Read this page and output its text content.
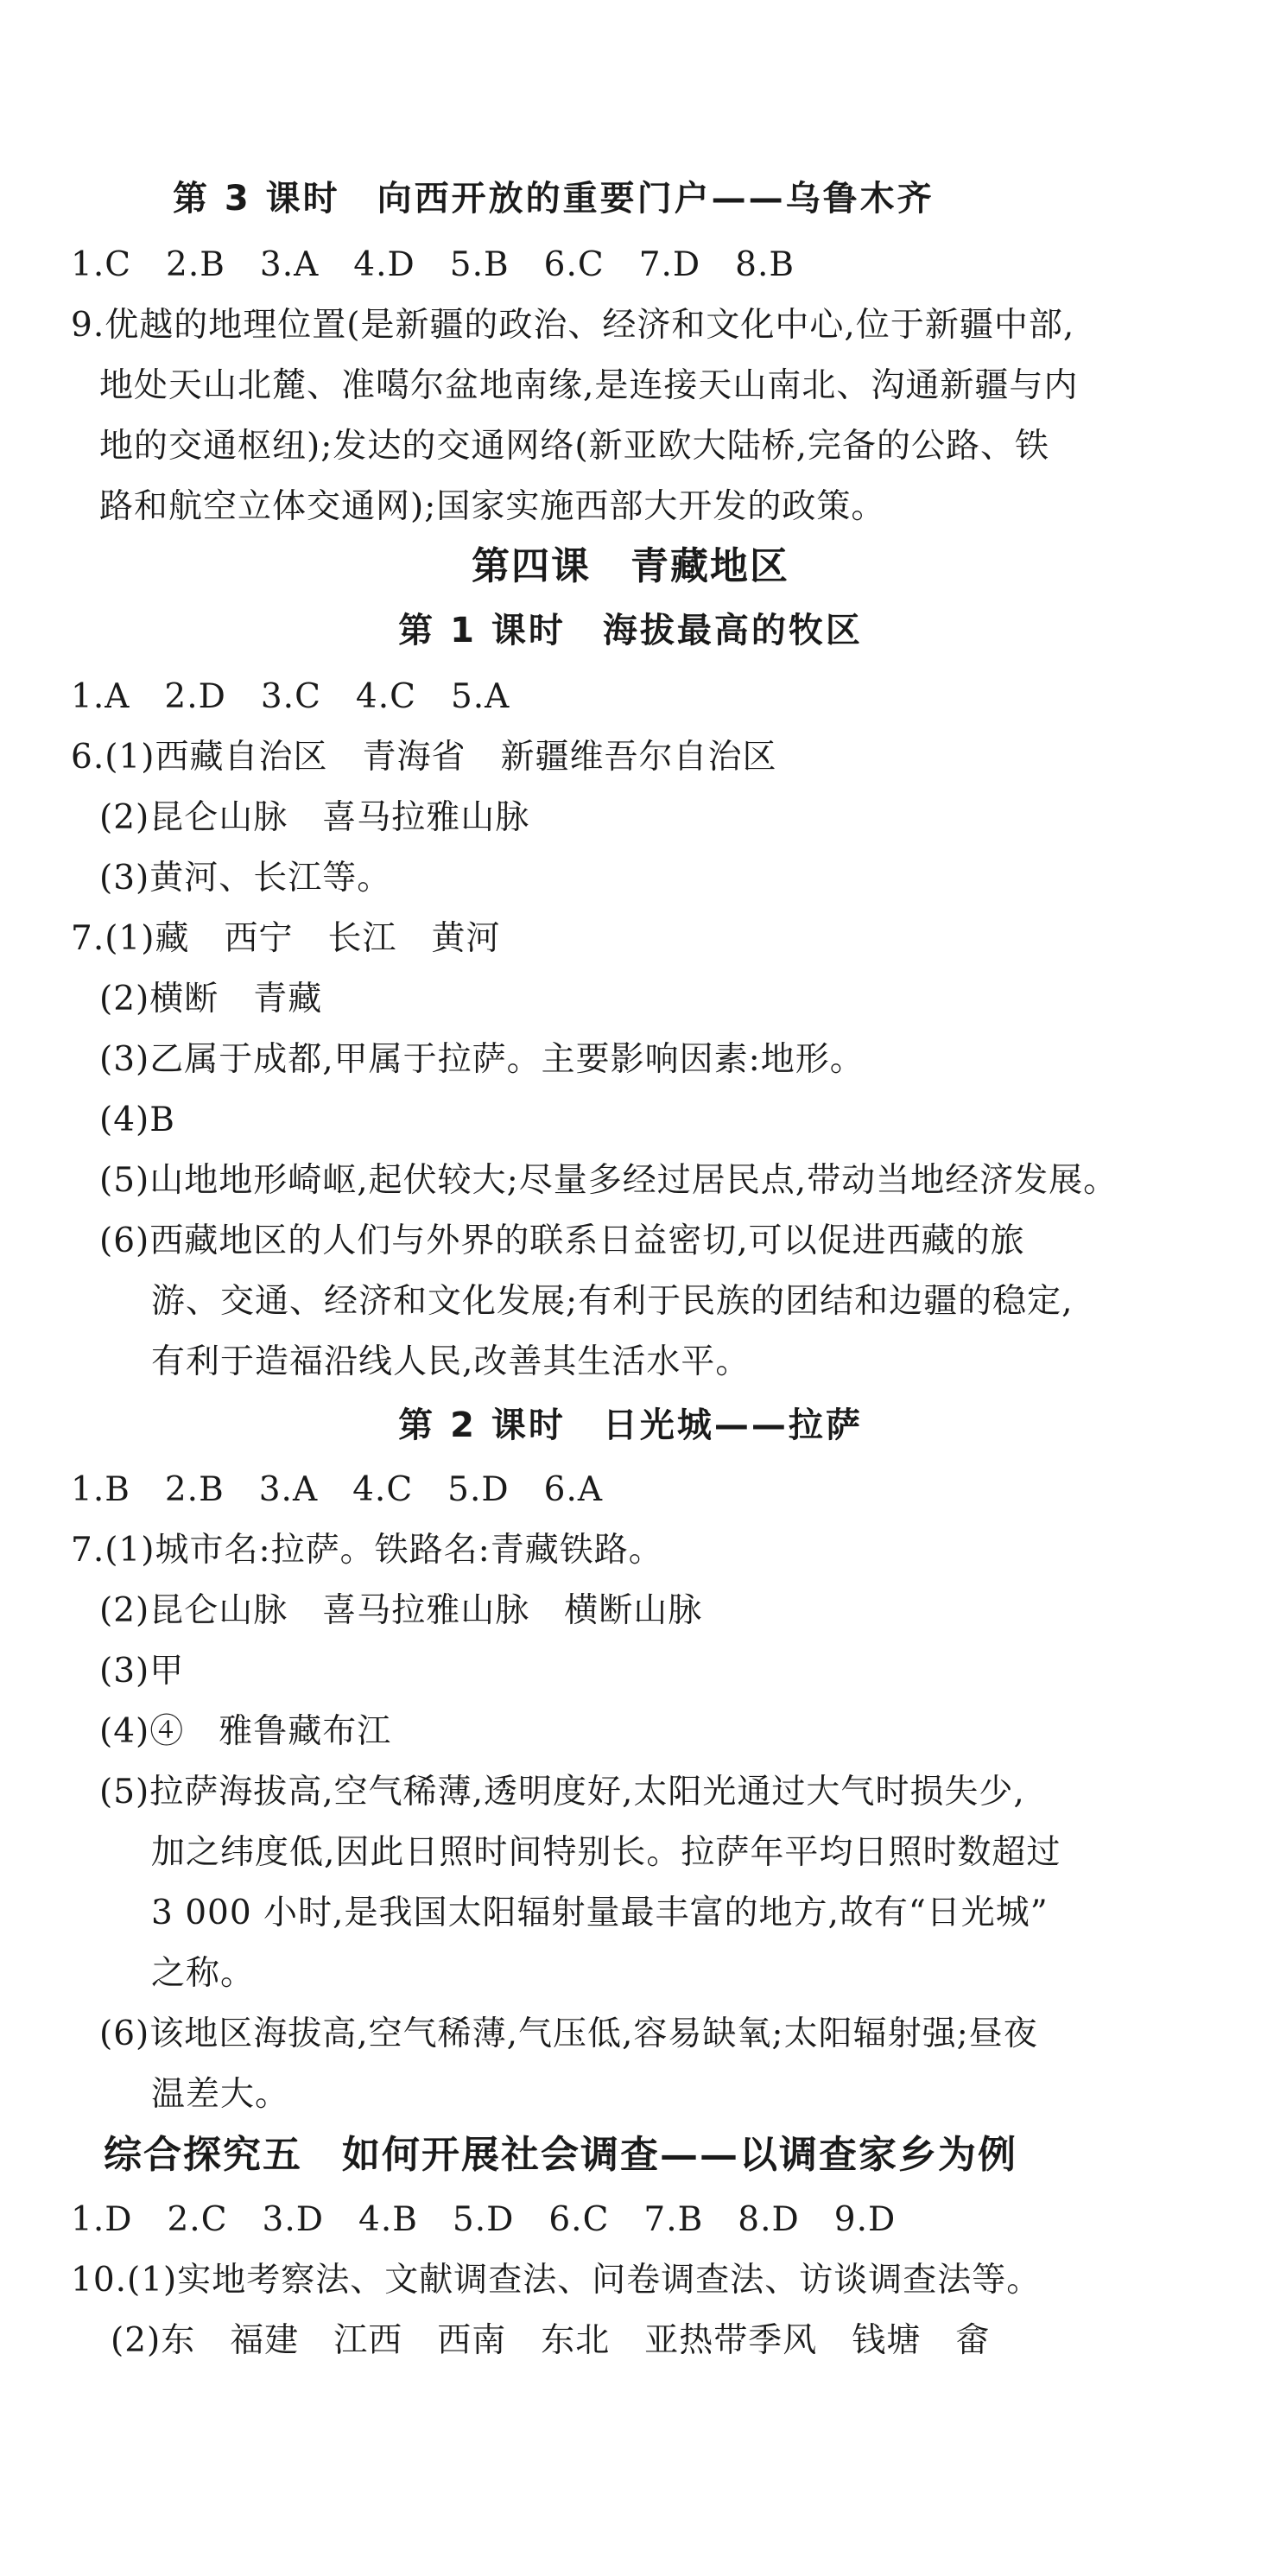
第 3 课时　向西开放的重要门户——乌鲁木齐
1.C　2.B　3.A　4.D　5.B　6.C　7.D　8.B
9.优越的地理位置(是新疆的政治、经济和文化中心,位于新疆中部,
地处天山北麓、准噶尔盆地南缘,是连接天山南北、沟通新疆与内
地的交通枢纽);发达的交通网络(新亚欧大陆桥,完备的公路、铁
路和航空立体交通网);国家实施西部大开发的政策。
第四课　青藏地区
第 1 课时　海拔最高的牧区
1.A　2.D　3.C　4.C　5.A
6.(1)西藏自治区　青海省　新疆维吾尔自治区
(2)昆仑山脉　喜马拉雅山脉
(3)黄河、长江等。
7.(1)藏　西宁　长江　黄河
(2)横断　青藏
(3)乙属于成都,甲属于拉萨。主要影响因素:地形。
(4)B
(5)山地地形崎岖,起伏较大;尽量多经过居民点,带动当地经济发展。
(6)西藏地区的人们与外界的联系日益密切,可以促进西藏的旅
游、交通、经济和文化发展;有利于民族的团结和边疆的稳定,
有利于造福沿线人民,改善其生活水平。
第 2 课时　日光城——拉萨
1.B　2.B　3.A　4.C　5.D　6.A
7.(1)城市名:拉萨。铁路名:青藏铁路。
(2)昆仑山脉　喜马拉雅山脉　横断山脉
(3)甲
(4)④　雅鲁藏布江
(5)拉萨海拔高,空气稀薄,透明度好,太阳光通过大气时损失少,
加之纬度低,因此日照时间特别长。拉萨年平均日照时数超过
3 000 小时,是我国太阳辐射量最丰富的地方,故有“日光城”
之称。
(6)该地区海拔高,空气稀薄,气压低,容易缺氧;太阳辐射强;昼夜
温差大。
综合探究五　如何开展社会调查——以调查家乡为例
1.D　2.C　3.D　4.B　5.D　6.C　7.B　8.D　9.D
10.(1)实地考察法、文献调查法、问卷调查法、访谈调查法等。
(2)东　福建　江西　西南　东北　亚热带季风　钱塘　畲
